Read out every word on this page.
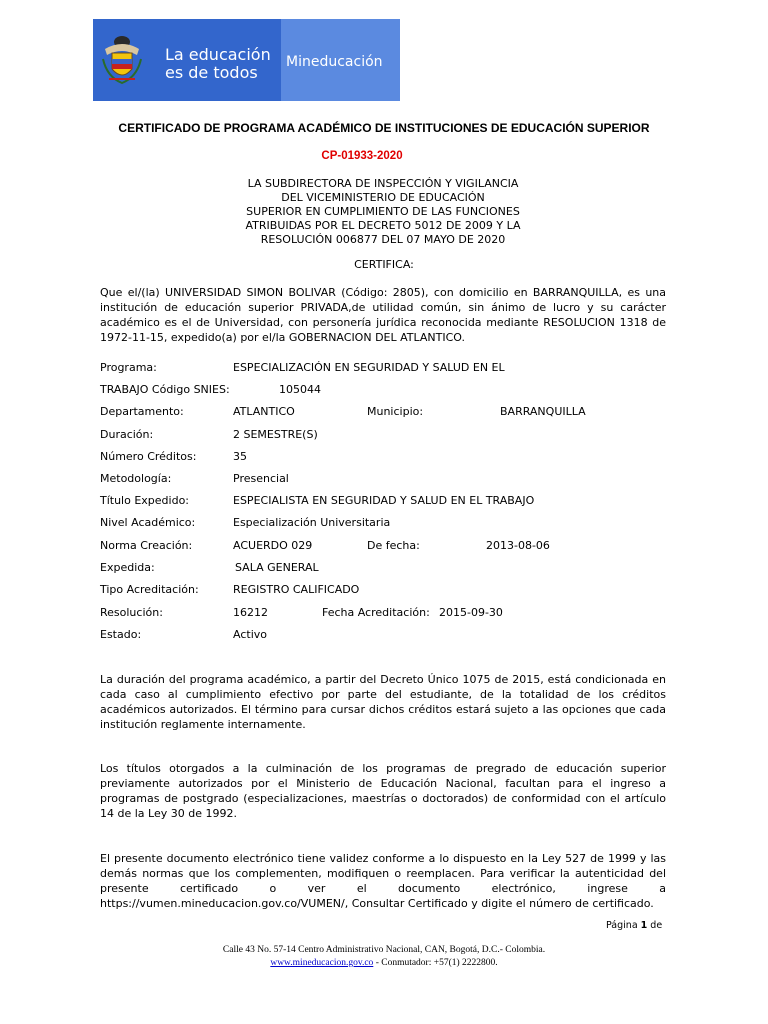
La educación
es de todos
Mineducación
CERTIFICADO DE PROGRAMA ACADÉMICO DE INSTITUCIONES DE EDUCACIÓN SUPERIOR
CP-01933-2020
LA SUBDIRECTORA DE INSPECCIÓN Y VIGILANCIA
DEL VICEMINISTERIO DE EDUCACIÓN
SUPERIOR EN CUMPLIMIENTO DE LAS FUNCIONES
ATRIBUIDAS POR EL DECRETO 5012 DE 2009 Y LA
RESOLUCIÓN 006877 DEL 07 MAYO DE 2020
CERTIFICA:
Que el/(la) UNIVERSIDAD SIMON BOLIVAR (Código: 2805), con domicilio en BARRANQUILLA, es una institución de educación superior PRIVADA,de utilidad común, sin ánimo de lucro y su carácter académico es el de Universidad, con personería jurídica reconocida mediante RESOLUCION 1318 de 1972-11-15, expedido(a) por el/la GOBERNACION DEL ATLANTICO.
Programa:	ESPECIALIZACIÓN EN SEGURIDAD Y SALUD EN EL
TRABAJO Código SNIES:	105044
Departamento:	ATLANTICO	Municipio:	BARRANQUILLA
Duración:	2 SEMESTRE(S)
Número Créditos:	35
Metodología:	Presencial
Título Expedido:	ESPECIALISTA EN SEGURIDAD Y SALUD EN EL TRABAJO
Nivel Académico:	Especialización Universitaria
Norma Creación:	ACUERDO 029	De fecha:	2013-08-06
Expedida:	SALA GENERAL
Tipo Acreditación:	REGISTRO CALIFICADO
Resolución:	16212	Fecha Acreditación: 2015-09-30
Estado:	Activo
La duración del programa académico, a partir del Decreto Único 1075 de 2015, está condicionada en cada caso al cumplimiento efectivo por parte del estudiante, de la totalidad de los créditos académicos autorizados. El término para cursar dichos créditos estará sujeto a las opciones que cada institución reglamente internamente.
Los títulos otorgados a la culminación de los programas de pregrado de educación superior previamente autorizados por el Ministerio de Educación Nacional, facultan para el ingreso a programas de postgrado (especializaciones, maestrías o doctorados) de conformidad con el artículo 14 de la Ley 30 de 1992.
El presente documento electrónico tiene validez conforme a lo dispuesto en la Ley 527 de 1999 y las demás normas que los complementen, modifiquen o reemplacen. Para verificar la autenticidad del presente certificado o ver el documento electrónico, ingrese a https://vumen.mineducacion.gov.co/VUMEN/, Consultar Certificado y digite el número de certificado.
Página 1 de
Calle 43 No. 57-14 Centro Administrativo Nacional, CAN, Bogotá, D.C.- Colombia.
www.mineducacion.gov.co - Conmutador: +57(1) 2222800.
